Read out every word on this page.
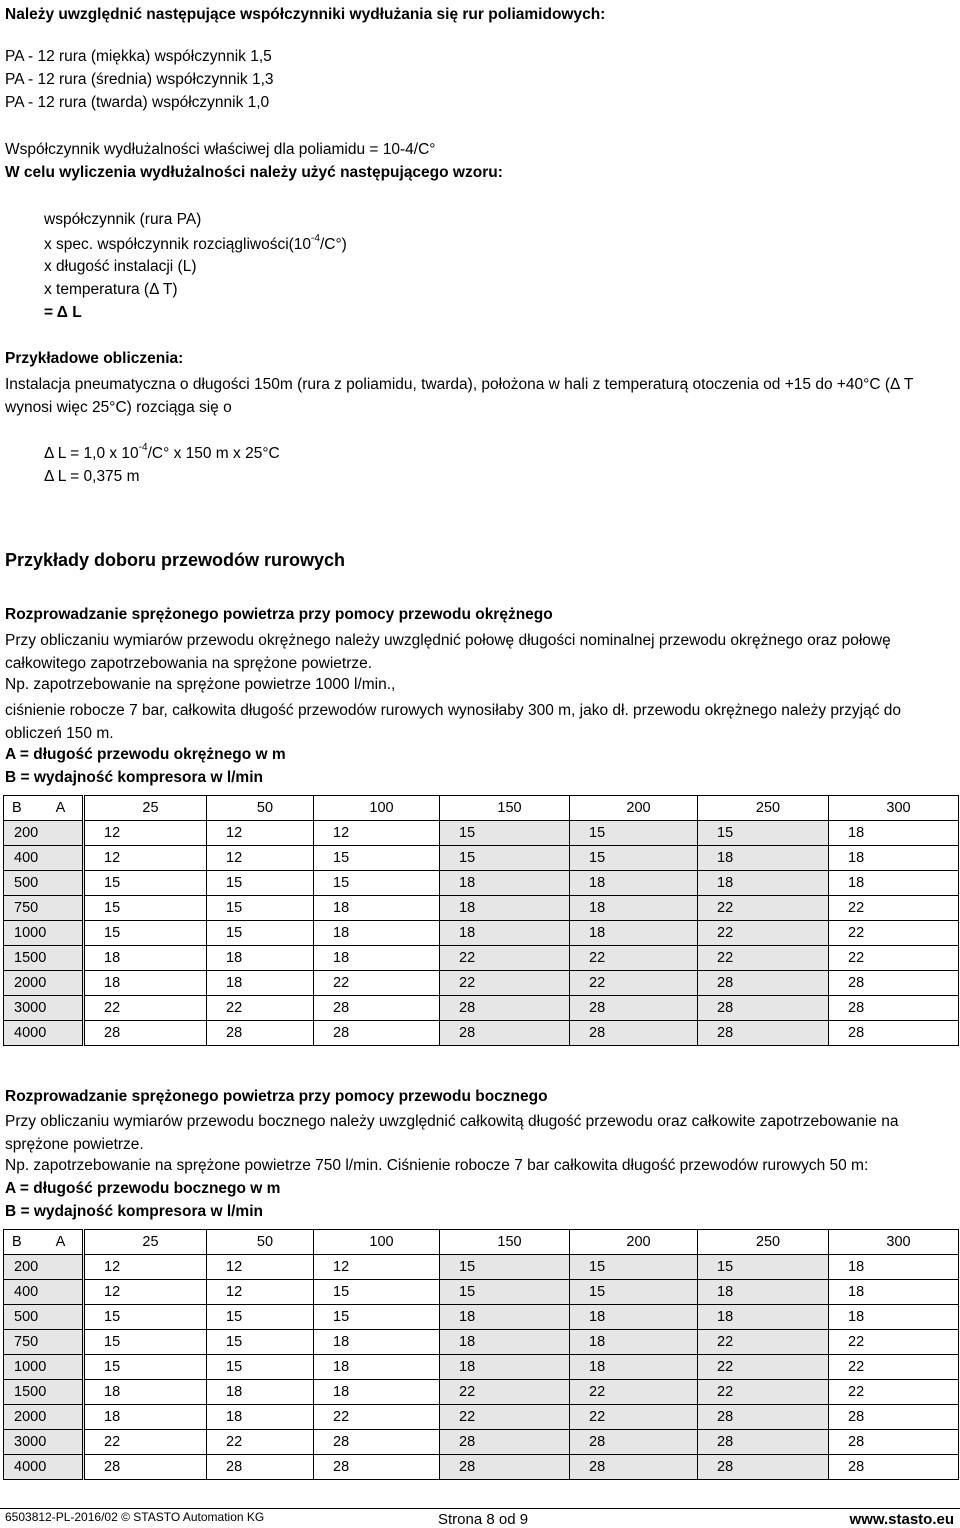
Należy uwzględnić następujące współczynniki wydłużania się rur poliamidowych:
PA - 12 rura (miękka) współczynnik 1,5
PA - 12 rura (średnia) współczynnik 1,3
PA - 12 rura (twarda) współczynnik 1,0
Współczynnik wydłużalności właściwej dla poliamidu = 10-4/C°
W celu wyliczenia wydłużalności należy użyć następującego wzoru:
współczynnik (rura PA)
x spec. współczynnik $rozciągliwości(10^{-4}/C^\circ)$
x długość instalacji (L)
x temperatura (Δ T)
= Δ L
Przykładowe obliczenia:
Instalacja pneumatyczna o długości 150m (rura z poliamidu, twarda), położona w hali z temperaturą otoczenia od +15 do +40°C (Δ T wynosi więc 25°C) rozciąga się o
Δ L = 1,0 x $10^{-4}/C^\circ$ x 150 m x 25°C
Δ L = 0,375 m
Przykłady doboru przewodów rurowych
Rozprowadzanie sprężonego powietrza przy pomocy przewodu okrężnego
Przy obliczaniu wymiarów przewodu okrężnego należy uwzględnić połowę długości nominalnej przewodu okrężnego oraz połowę całkowitego zapotrzebowania na sprężone powietrze.
Np. zapotrzebowanie na sprężone powietrze 1000 l/min.,
ciśnienie robocze 7 bar, całkowita długość przewodów rurowych wynosiłaby 300 m, jako dł. przewodu okrężnego należy przyjąć do obliczeń 150 m.
A = długość przewodu okrężnego w m
B = wydajność kompresora w l/min
B A	25	50	100	150	200	250	300
200	12	12	12	15	15	15	18
400	12	12	15	15	15	18	18
500	15	15	15	18	18	18	18
750	15	15	18	18	18	22	22
1000	15	15	18	18	18	22	22
1500	18	18	18	22	22	22	22
2000	18	18	22	22	22	28	28
3000	22	22	28	28	28	28	28
4000	28	28	28	28	28	28	28
Rozprowadzanie sprężonego powietrza przy pomocy przewodu bocznego
Przy obliczaniu wymiarów przewodu bocznego należy uwzględnić całkowitą długość przewodu oraz całkowite zapotrzebowanie na sprężone powietrze.
Np. zapotrzebowanie na sprężone powietrze 750 l/min. Ciśnienie robocze 7 bar całkowita długość przewodów rurowych 50 m:
A = długość przewodu bocznego w m
B = wydajność kompresora w l/min
B A	25	50	100	150	200	250	300
200	12	12	12	15	15	15	18
400	12	12	15	15	15	18	18
500	15	15	15	18	18	18	18
750	15	15	18	18	18	22	22
1000	15	15	18	18	18	22	22
1500	18	18	18	22	22	22	22
2000	18	18	22	22	22	28	28
3000	22	22	28	28	28	28	28
4000	28	28	28	28	28	28	28
6503812-PL-2016/02 © STASTO Automation KG	Strona 8 od 9	www.stasto.eu
